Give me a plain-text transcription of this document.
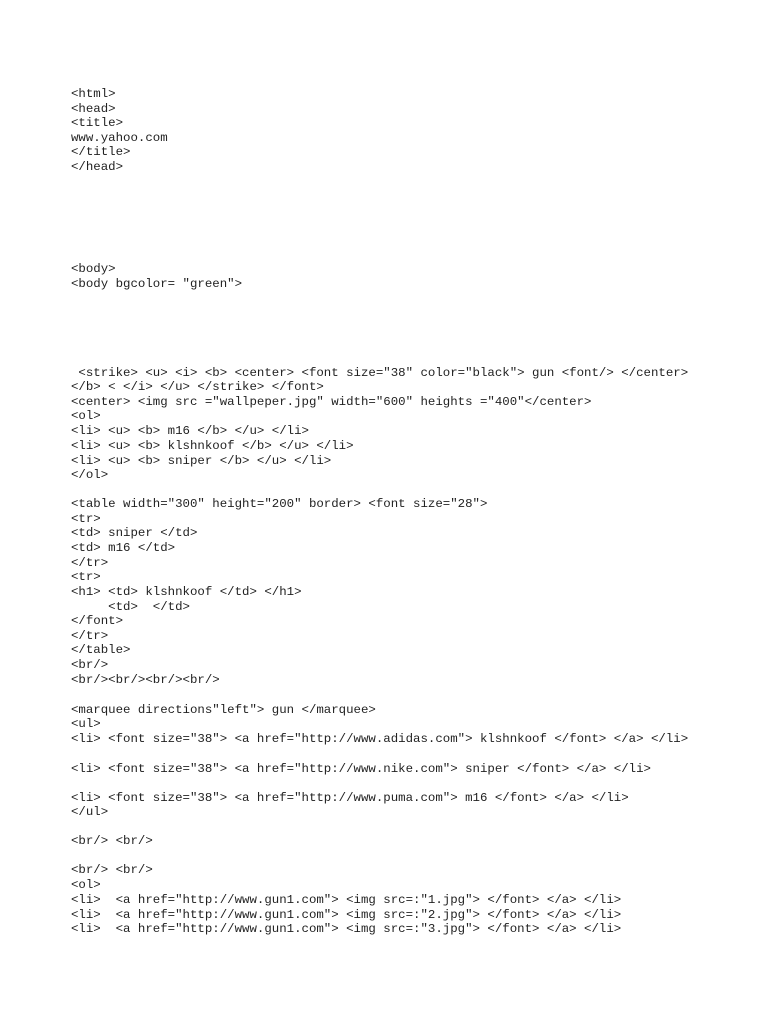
<html>
<head>
<title>
www.yahoo.com
</title>
</head>
<body>
<body bgcolor= "green">
<strike> <u> <i> <b> <center> <font size="38" color="black"> gun <font/> </center>
</b> < </i> </u> </strike> </font>
<center> <img src ="wallpeper.jpg" width="600" heights ="400"</center>
<ol>
<li> <u> <b> m16 </b> </u> </li>
<li> <u> <b> klshnkoof </b> </u> </li>
<li> <u> <b> sniper </b> </u> </li>
</ol>
<table width="300" height="200" border> <font size="28">
<tr>
<td> sniper </td>
<td> m16 </td>
</tr>
<tr>
<h1> <td> klshnkoof </td> </h1>
<td>  </td>
</font>
</tr>
</table>
<br/>
<br/><br/><br/><br/>
<marquee directions"left"> gun </marquee>
<ul>
<li> <font size="38"> <a href="http://www.adidas.com"> klshnkoof </font> </a> </li>
<li> <font size="38"> <a href="http://www.nike.com"> sniper </font> </a> </li>
<li> <font size="38"> <a href="http://www.puma.com"> m16 </font> </a> </li>
</ul>
<br/> <br/>
<br/> <br/>
<ol>
<li>  <a href="http://www.gun1.com"> <img src=:"1.jpg"> </font> </a> </li>
<li>  <a href="http://www.gun1.com"> <img src=:"2.jpg"> </font> </a> </li>
<li>  <a href="http://www.gun1.com"> <img src=:"3.jpg"> </font> </a> </li>
